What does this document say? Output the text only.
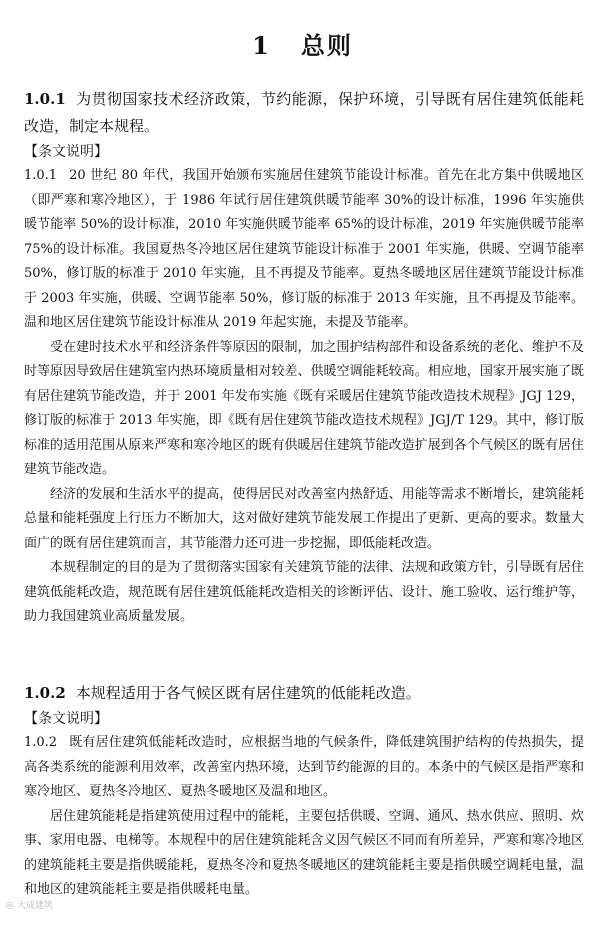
1 总则
1.0.1 为贯彻国家技术经济政策，节约能源，保护环境，引导既有居住建筑低能耗改造，制定本规程。
【条文说明】

1.0.1 20 世纪 80 年代，我国开始颁布实施居住建筑节能设计标准。首先在北方集中供暖地区（即严寒和寒冷地区），于 1986 年试行居住建筑供暖节能率 30%的设计标准，1996 年实施供暖节能率 50%的设计标准，2010 年实施供暖节能率 65%的设计标准，2019 年实施供暖节能率 75%的设计标准。我国夏热冬冷地区居住建筑节能设计标准于 2001 年实施，供暖、空调节能率 50%，修订版的标准于 2010 年实施，且不再提及节能率。夏热冬暖地区居住建筑节能设计标准于 2003 年实施，供暖、空调节能率 50%，修订版的标准于 2013 年实施，且不再提及节能率。温和地区居住建筑节能设计标准从 2019 年起实施，未提及节能率。

受在建时技术水平和经济条件等原因的限制，加之围护结构部件和设备系统的老化、维护不及时等原因导致居住建筑室内热环境质量相对较差、供暖空调能耗较高。相应地，国家开展实施了既有居住建筑节能改造，并于 2001 年发布实施《既有采暖居住建筑节能改造技术规程》JGJ 129，修订版的标准于 2013 年实施，即《既有居住建筑节能改造技术规程》JGJ/T 129。其中，修订版标准的适用范围从原来严寒和寒冷地区的既有供暖居住建筑节能改造扩展到各个气候区的既有居住建筑节能改造。

经济的发展和生活水平的提高，使得居民对改善室内热舒适、用能等需求不断增长，建筑能耗总量和能耗强度上行压力不断加大，这对做好建筑节能发展工作提出了更新、更高的要求。数量大面广的既有居住建筑而言，其节能潜力还可进一步挖掘，即低能耗改造。

本规程制定的目的是为了贯彻落实国家有关建筑节能的法律、法规和政策方针，引导既有居住建筑低能耗改造，规范既有居住建筑低能耗改造相关的诊断评估、设计、施工验收、运行维护等，助力我国建筑业高质量发展。

1.0.2 本规程适用于各气候区既有居住建筑的低能耗改造。
【条文说明】

1.0.2 既有居住建筑低能耗改造时，应根据当地的气候条件，降低建筑围护结构的传热损失，提高各类系统的能源利用效率，改善室内热环境，达到节约能源的目的。本条中的气候区是指严寒和寒冷地区、夏热冬冷地区、夏热冬暖地区及温和地区。

居住建筑能耗是指建筑使用过程中的能耗，主要包括供暖、空调、通风、热水供应、照明、炊事、家用电器、电梯等。本规程中的居住建筑能耗含义因气候区不同而有所差异，严寒和寒冷地区的建筑能耗主要是指供暖能耗，夏热冬冷和夏热冬暖地区的建筑能耗主要是指供暖空调耗电量，温和地区的建筑能耗主要是指供暖耗电量。

◎ 大成建筑
